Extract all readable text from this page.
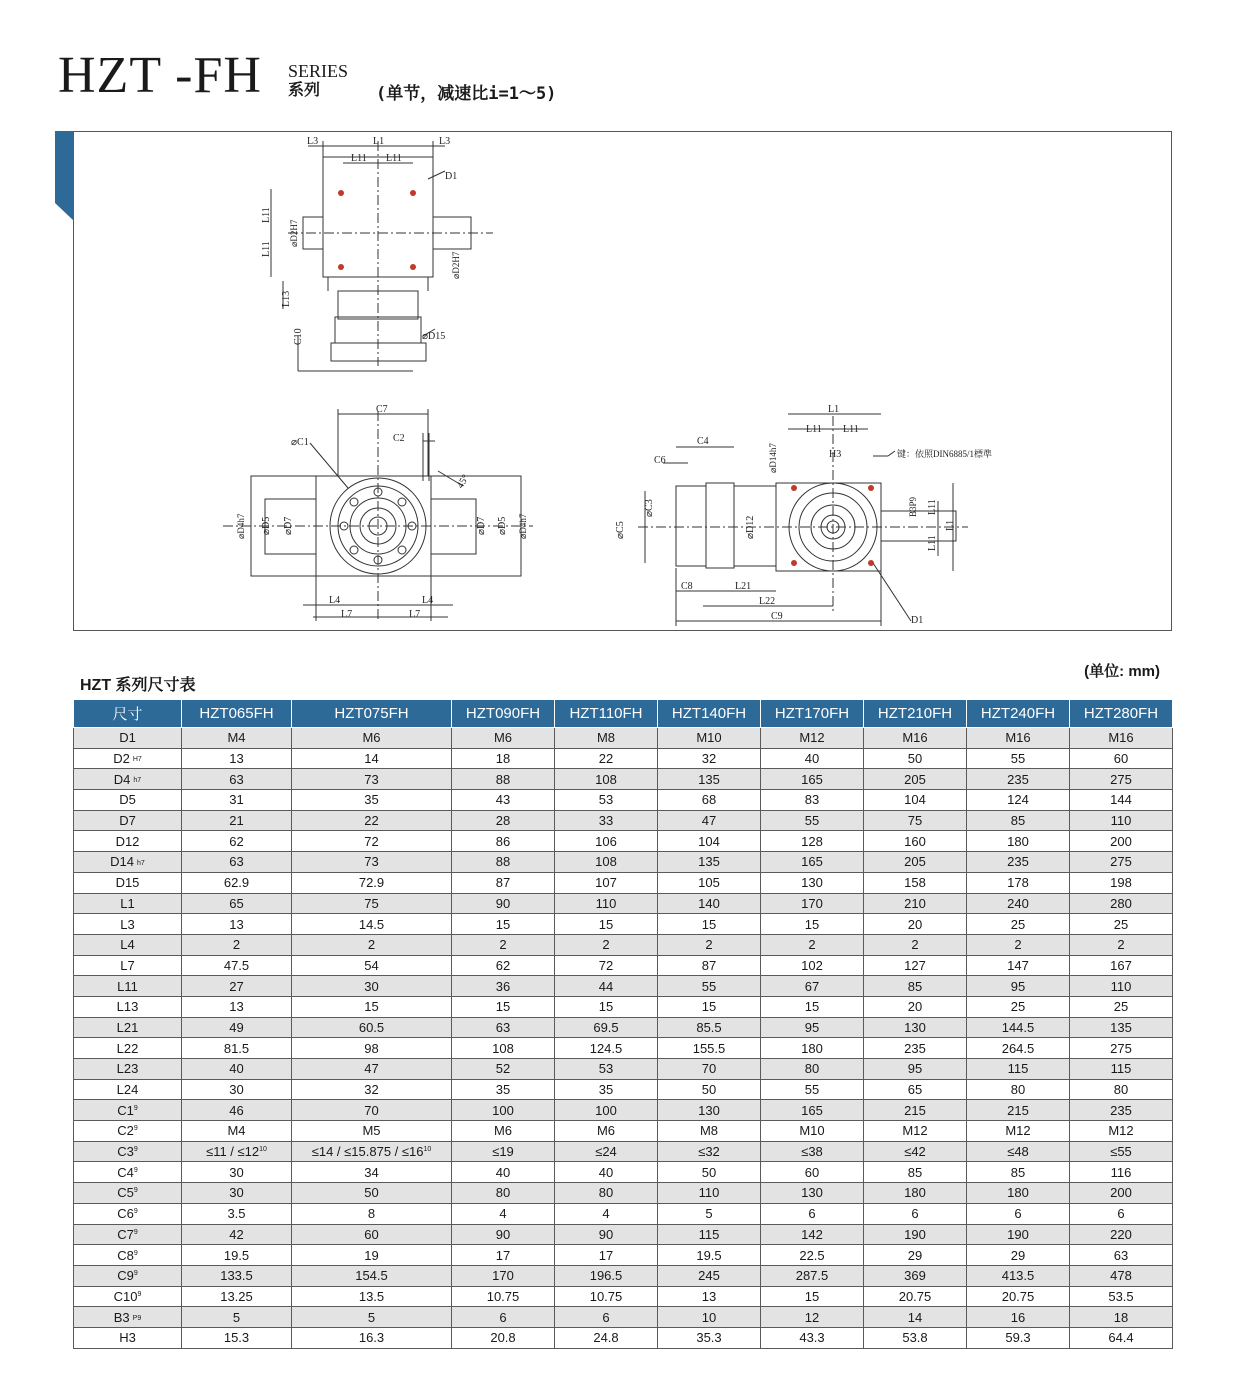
HZT -FH SERIES
系列	(单节，减速比i=1～5)
L3	L1	L3
L11 L11
D1
L11
L11
⌀D2H7
⌀D2H7
L13
C10	⌀D15
C7
⌀C1	C2
45°
⌀D4h7 ⌀D5 ⌀D7	⌀D7 ⌀D5 ⌀D4h7
L4	L4
L7	L7
L1
L11 L11
C4
C6	⌀D14h7	H3	键：依照DIN6885/1標準
⌀C3
⌀C5	⌀D12
B3P9 L11
L1
L11
C8	L21
L22
C9	D1
HZT 系列尺寸表
(单位: mm)
尺寸	HZT065FH	HZT075FH	HZT090FH	HZT110FH	HZT140FH	HZT170FH	HZT210FH	HZT240FH	HZT280FH
D1	M4	M6	M6	M8	M10	M12	M16	M16	M16
D2 H7	13	14	18	22	32	40	50	55	60
D4 h7	63	73	88	108	135	165	205	235	275
D5	31	35	43	53	68	83	104	124	144
D7	21	22	28	33	47	55	75	85	110
D12	62	72	86	106	104	128	160	180	200
D14 h7	63	73	88	108	135	165	205	235	275
D15	62.9	72.9	87	107	105	130	158	178	198
L1	65	75	90	110	140	170	210	240	280
L3	13	14.5	15	15	15	15	20	25	25
L4	2	2	2	2	2	2	2	2	2
L7	47.5	54	62	72	87	102	127	147	167
L11	27	30	36	44	55	67	85	95	110
L13	13	15	15	15	15	15	20	25	25
L21	49	60.5	63	69.5	85.5	95	130	144.5	135
L22	81.5	98	108	124.5	155.5	180	235	264.5	275
L23	40	47	52	53	70	80	95	115	115
L24	30	32	35	35	50	55	65	80	80
$C1^9$	46	70	100	100	130	165	215	215	235
$C2^9$	M4	M5	M6	M6	M8	M10	M12	M12	M12
$C3^9$	$\le 11 / \le 12^{10}$	$\le 14 / \le 15.875 / \le 16^{10}$	≤19	≤24	≤32	≤38	≤42	≤48	≤55
$C4^9$	30	34	40	40	50	60	85	85	116
$C5^9$	30	50	80	80	110	130	180	180	200
$C6^9$	3.5	8	4	4	5	6	6	6	6
$C7^9$	42	60	90	90	115	142	190	190	220
$C8^9$	19.5	19	17	17	19.5	22.5	29	29	63
$C9^9$	133.5	154.5	170	196.5	245	287.5	369	413.5	478
$C10^9$	13.25	13.5	10.75	10.75	13	15	20.75	20.75	53.5
B3 P9	5	5	6	6	10	12	14	16	18
H3	15.3	16.3	20.8	24.8	35.3	43.3	53.8	59.3	64.4
